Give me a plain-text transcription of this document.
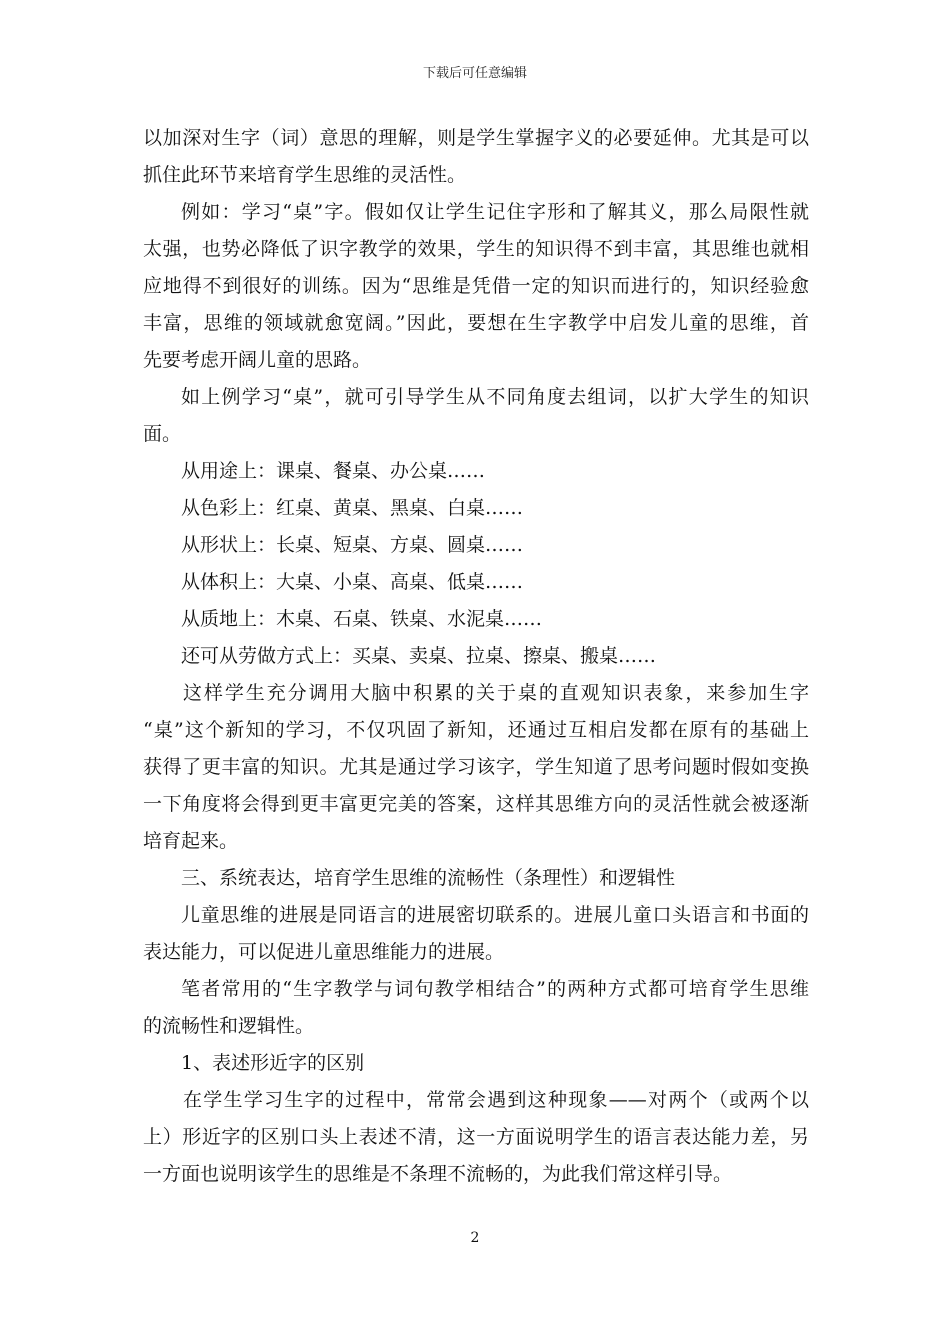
下载后可任意编辑
以加深对生字（词）意思的理解，则是学生掌握字义的必要延伸。尤其是可以
抓住此环节来培育学生思维的灵活性。
例如：学习“桌”字。假如仅让学生记住字形和了解其义，那么局限性就
太强，也势必降低了识字教学的效果，学生的知识得不到丰富，其思维也就相
应地得不到很好的训练。因为“思维是凭借一定的知识而进行的，知识经验愈
丰富，思维的领域就愈宽阔。”因此，要想在生字教学中启发儿童的思维，首
先要考虑开阔儿童的思路。
如上例学习“桌”，就可引导学生从不同角度去组词，以扩大学生的知识
面。
从用途上：课桌、餐桌、办公桌……
从色彩上：红桌、黄桌、黑桌、白桌……
从形状上：长桌、短桌、方桌、圆桌……
从体积上：大桌、小桌、高桌、低桌……
从质地上：木桌、石桌、铁桌、水泥桌……
还可从劳做方式上：买桌、卖桌、拉桌、擦桌、搬桌……
这样学生充分调用大脑中积累的关于桌的直观知识表象，来参加生字
“桌”这个新知的学习，不仅巩固了新知，还通过互相启发都在原有的基础上
获得了更丰富的知识。尤其是通过学习该字，学生知道了思考问题时假如变换
一下角度将会得到更丰富更完美的答案，这样其思维方向的灵活性就会被逐渐
培育起来。
三、系统表达，培育学生思维的流畅性（条理性）和逻辑性
儿童思维的进展是同语言的进展密切联系的。进展儿童口头语言和书面的
表达能力，可以促进儿童思维能力的进展。
笔者常用的“生字教学与词句教学相结合”的两种方式都可培育学生思维
的流畅性和逻辑性。
1、表述形近字的区别
在学生学习生字的过程中，常常会遇到这种现象——对两个（或两个以
上）形近字的区别口头上表述不清，这一方面说明学生的语言表达能力差，另
一方面也说明该学生的思维是不条理不流畅的，为此我们常这样引导。
2
